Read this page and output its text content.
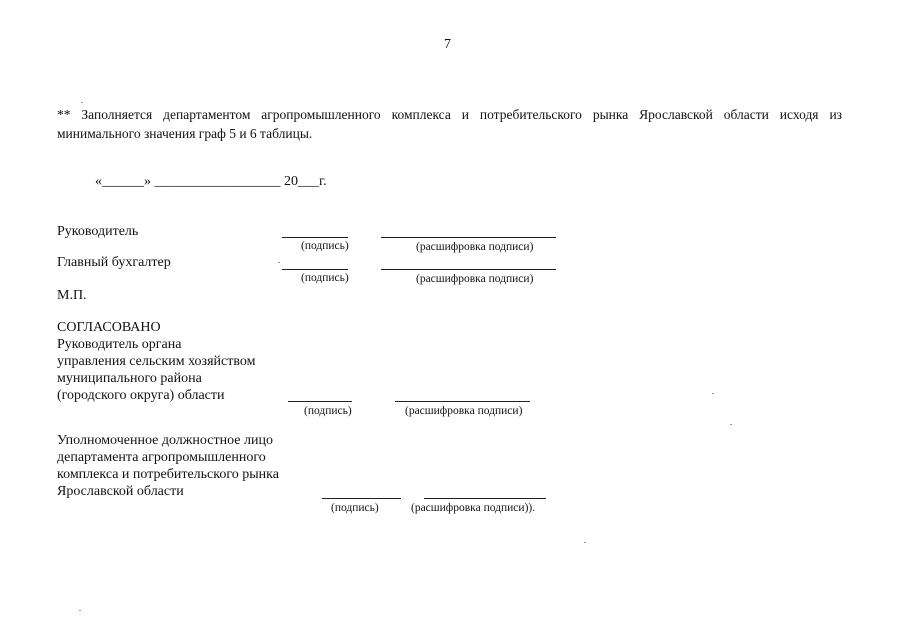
7
** Заполняется департаментом агропромышленного комплекса и потребительского рынка Ярославской области исходя из минимального значения граф 5 и 6 таблицы.
«______» __________________ 20___г.
Руководитель
(подпись)	(расшифровка подписи)
Главный бухгалтер
(подпись)	(расшифровка подписи)
М.П.
СОГЛАСОВАНО
Руководитель органа
управления сельским хозяйством
муниципального района
(городского округа) области
(подпись)	(расшифровка подписи)
Уполномоченное должностное лицо
департамента агропромышленного
комплекса и потребительского рынка
Ярославской области
(подпись)	(расшифровка подписи)).
